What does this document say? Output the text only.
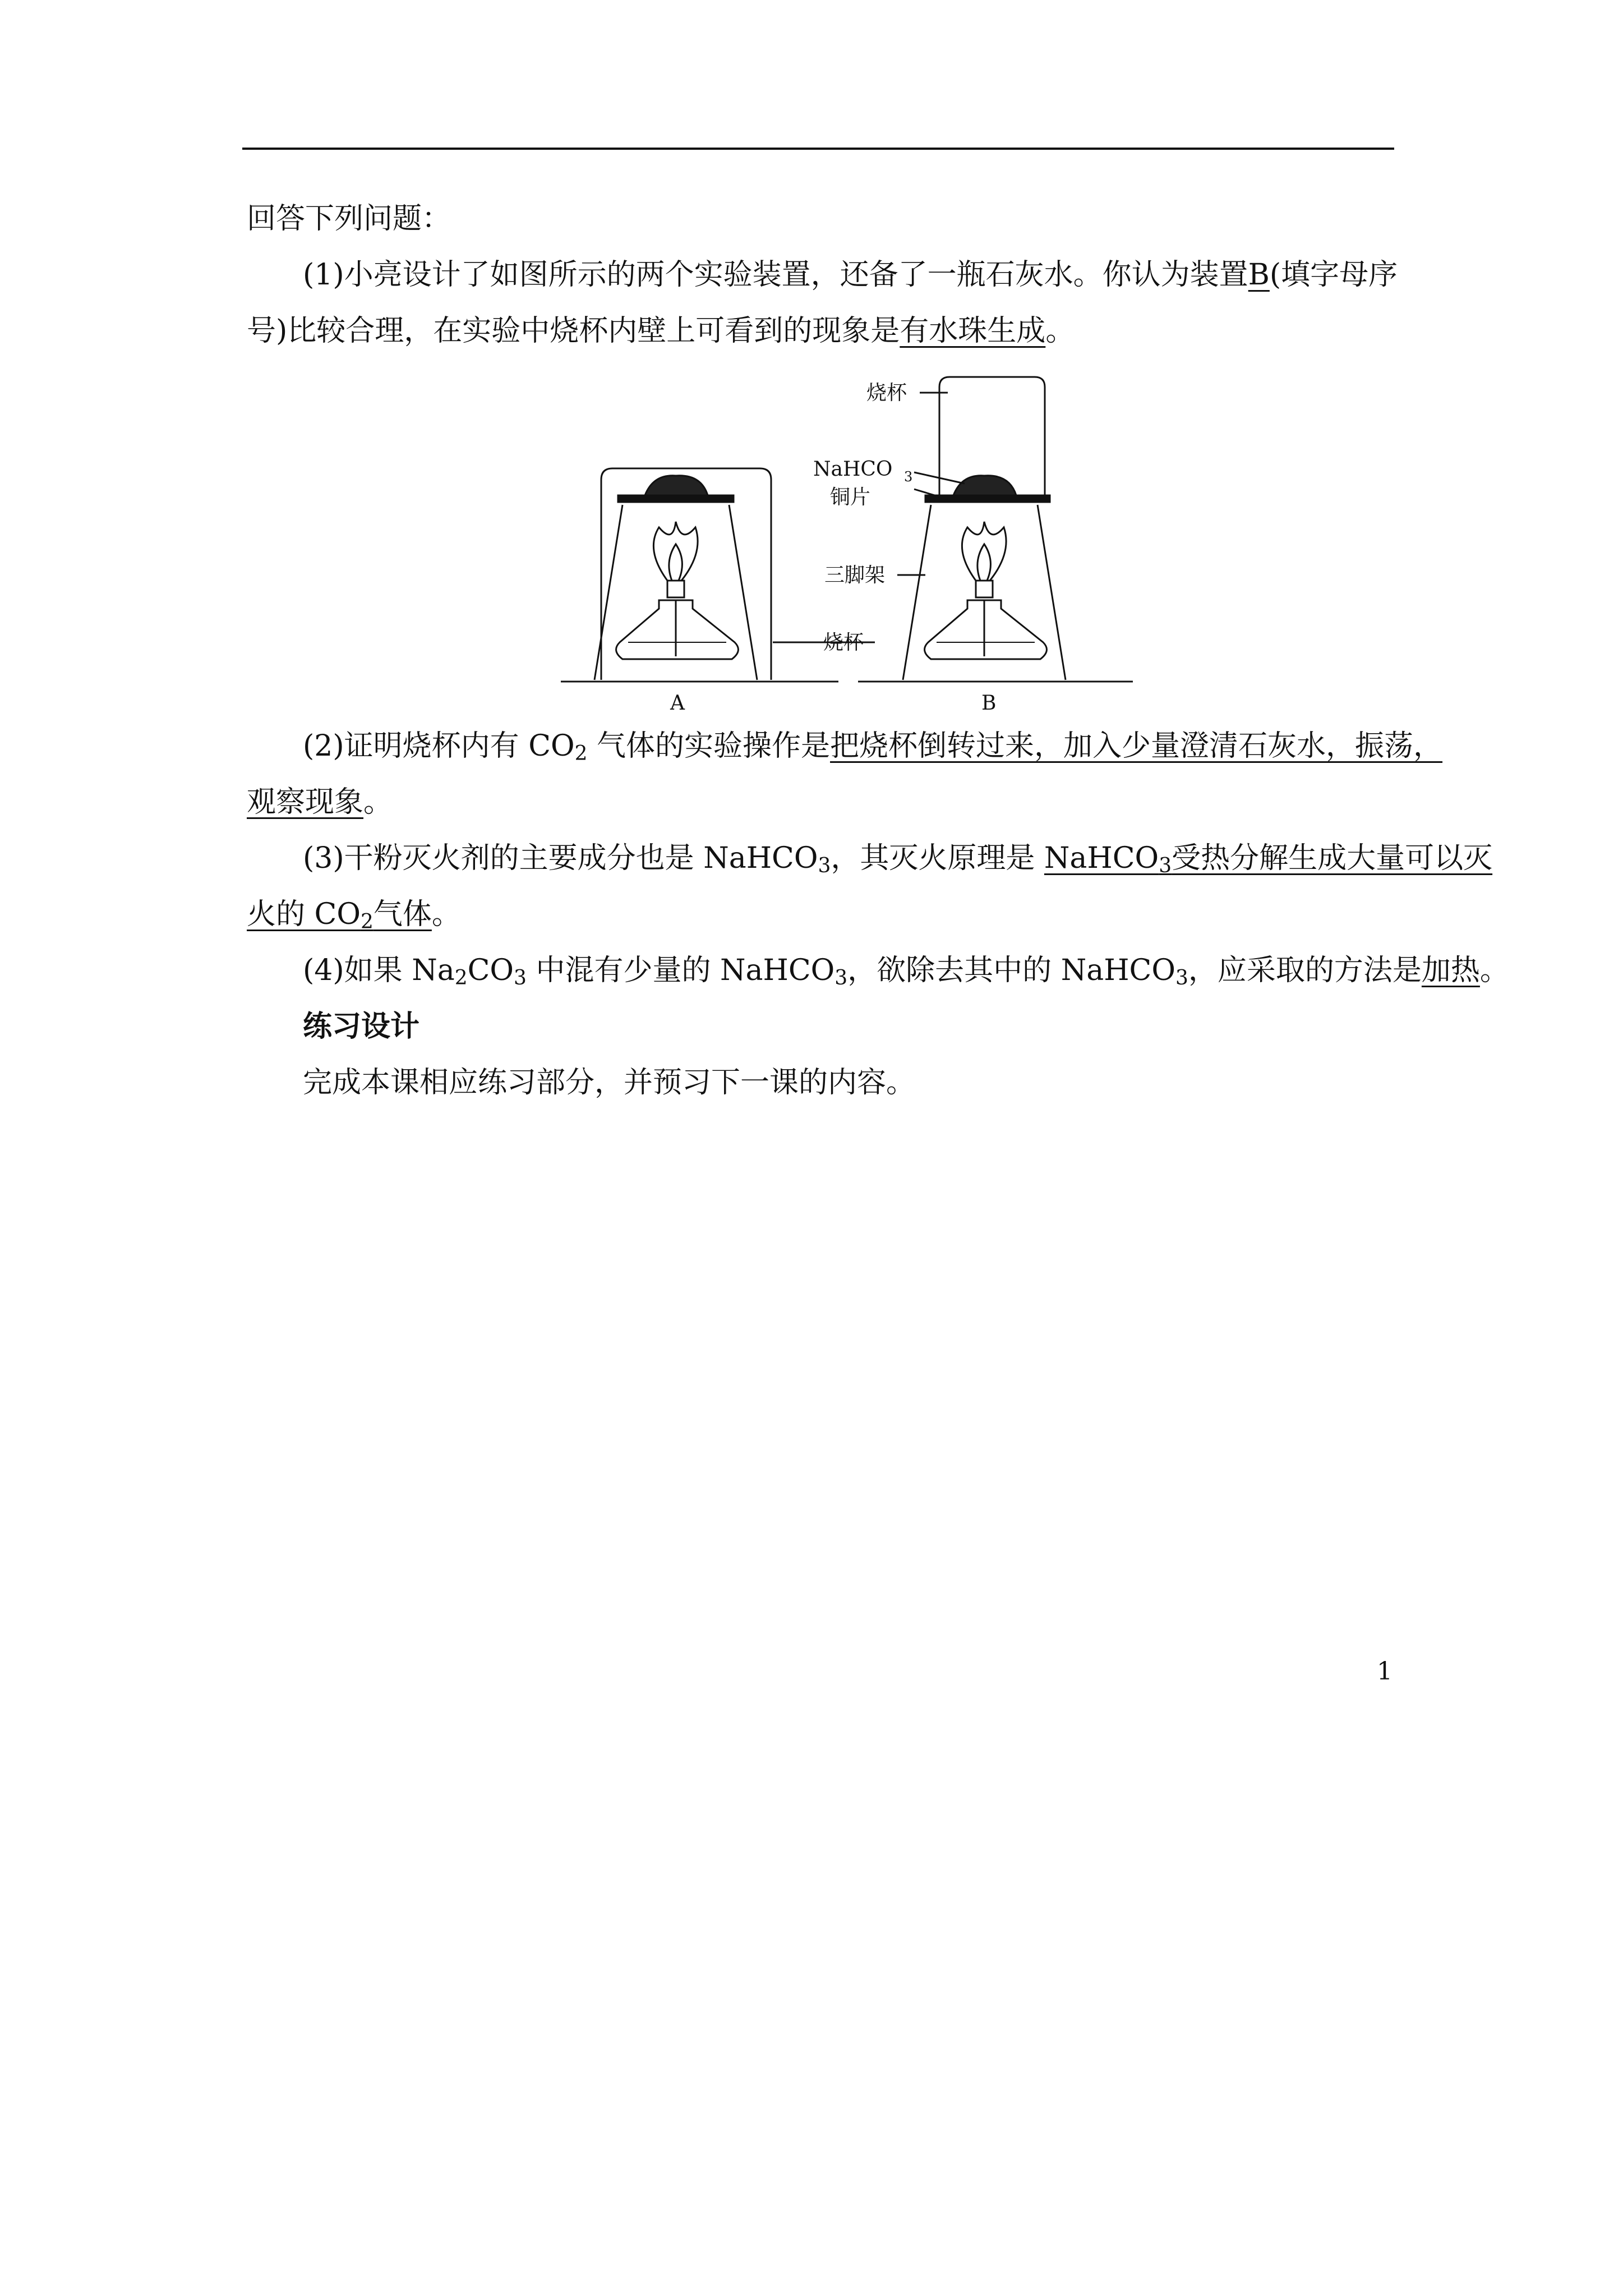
回答下列问题：
(1)小亮设计了如图所示的两个实验装置，还备了一瓶石灰水。你认为装置B(填字母序
号)比较合理，在实验中烧杯内壁上可看到的现象是有水珠生成。
烧杯
NaHCO 3
铜片
三脚架
烧杯
A	B
(2)证明烧杯内有 $CO_2$ 气体的实验操作是把烧杯倒转过来，加入少量澄清石灰水，振荡，
观察现象。
(3)干粉灭火剂的主要成分也是 NaHCO$_3$，其灭火原理是 NaHCO$_3$受热分解生成大量可以灭
火的 $CO_2$气体。
(4)如果 $Na_2CO_3$ 中混有少量的 NaHCO$_3$，欲除去其中的 NaHCO$_3$，应采取的方法是加热。
练习设计
完成本课相应练习部分，并预习下一课的内容。
1
